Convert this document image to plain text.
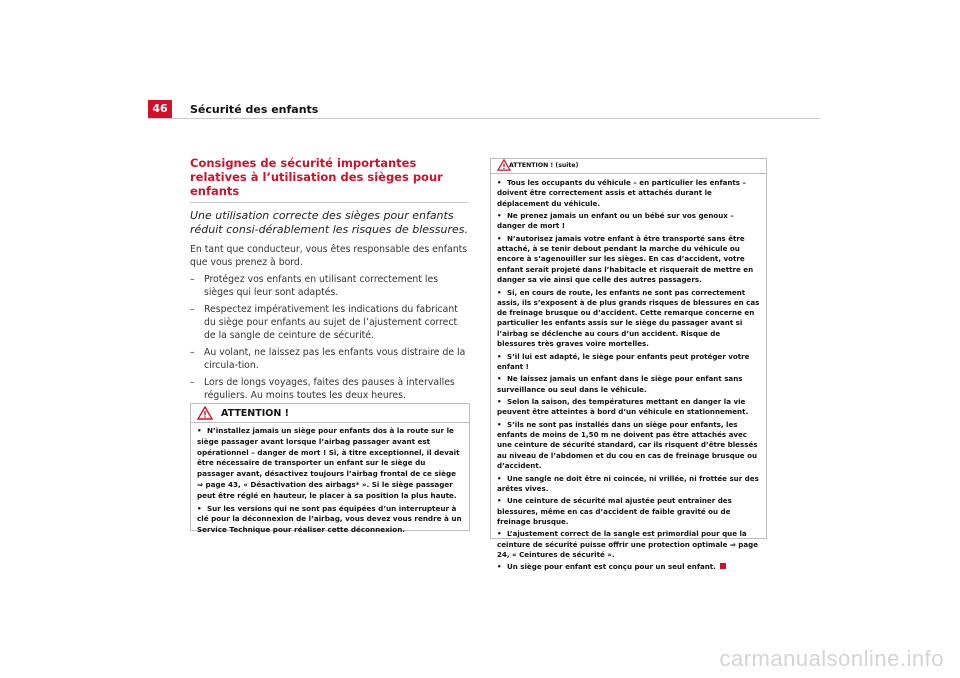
46	Sécurité des enfants
Consignes de sécurité importantes relatives à l’utilisation des sièges pour enfants

Une utilisation correcte des sièges pour enfants réduit consi-dérablement les risques de blessures.

En tant que conducteur, vous êtes responsable des enfants que vous prenez à bord.

– Protégez vos enfants en utilisant correctement les sièges qui leur sont adaptés.
– Respectez impérativement les indications du fabricant du siège pour enfants au sujet de l’ajustement correct de la sangle de ceinture de sécurité.
– Au volant, ne laissez pas les enfants vous distraire de la circula-tion.
– Lors de longs voyages, faites des pauses à intervalles réguliers. Au moins toutes les deux heures.
ATTENTION !
• N’installez jamais un siège pour enfants dos à la route sur le siège passager avant lorsque l’airbag passager avant est opérationnel – danger de mort ! Si, à titre exceptionnel, il devait être nécessaire de transporter un enfant sur le siège du passager avant, désactivez toujours l’airbag frontal de ce siège ⇒ page 43, « Désactivation des airbags* ». Si le siège passager peut être réglé en hauteur, le placer à sa position la plus haute.
• Sur les versions qui ne sont pas équipées d’un interrupteur à clé pour la déconnexion de l’airbag, vous devez vous rendre à un Service Technique pour réaliser cette déconnexion.
ATTENTION ! (suite)
• Tous les occupants du véhicule – en particulier les enfants – doivent être correctement assis et attachés durant le déplacement du véhicule.
• Ne prenez jamais un enfant ou un bébé sur vos genoux – danger de mort !
• N’autorisez jamais votre enfant à être transporté sans être attaché, à se tenir debout pendant la marche du véhicule ou encore à s’agenouiller sur les sièges. En cas d’accident, votre enfant serait projeté dans l’habitacle et risquerait de mettre en danger sa vie ainsi que celle des autres passagers.
• Si, en cours de route, les enfants ne sont pas correctement assis, ils s’exposent à de plus grands risques de blessures en cas de freinage brusque ou d’accident. Cette remarque concerne en particulier les enfants assis sur le siège du passager avant si l’airbag se déclenche au cours d’un accident. Risque de blessures très graves voire mortelles.
• S’il lui est adapté, le siège pour enfants peut protéger votre enfant !
• Ne laissez jamais un enfant dans le siège pour enfant sans surveillance ou seul dans le véhicule.
• Selon la saison, des températures mettant en danger la vie peuvent être atteintes à bord d’un véhicule en stationnement.
• S’ils ne sont pas installés dans un siège pour enfants, les enfants de moins de 1,50 m ne doivent pas être attachés avec une ceinture de sécurité standard, car ils risquent d’être blessés au niveau de l’abdomen et du cou en cas de freinage brusque ou d’accident.
• Une sangle ne doit être ni coincée, ni vrillée, ni frottée sur des arêtes vives.
• Une ceinture de sécurité mal ajustée peut entraîner des blessures, même en cas d’accident de faible gravité ou de freinage brusque.
• L’ajustement correct de la sangle est primordial pour que la ceinture de sécurité puisse offrir une protection optimale ⇒ page 24, « Ceintures de sécurité ».
• Un siège pour enfant est conçu pour un seul enfant.
carmanualsonline.info
